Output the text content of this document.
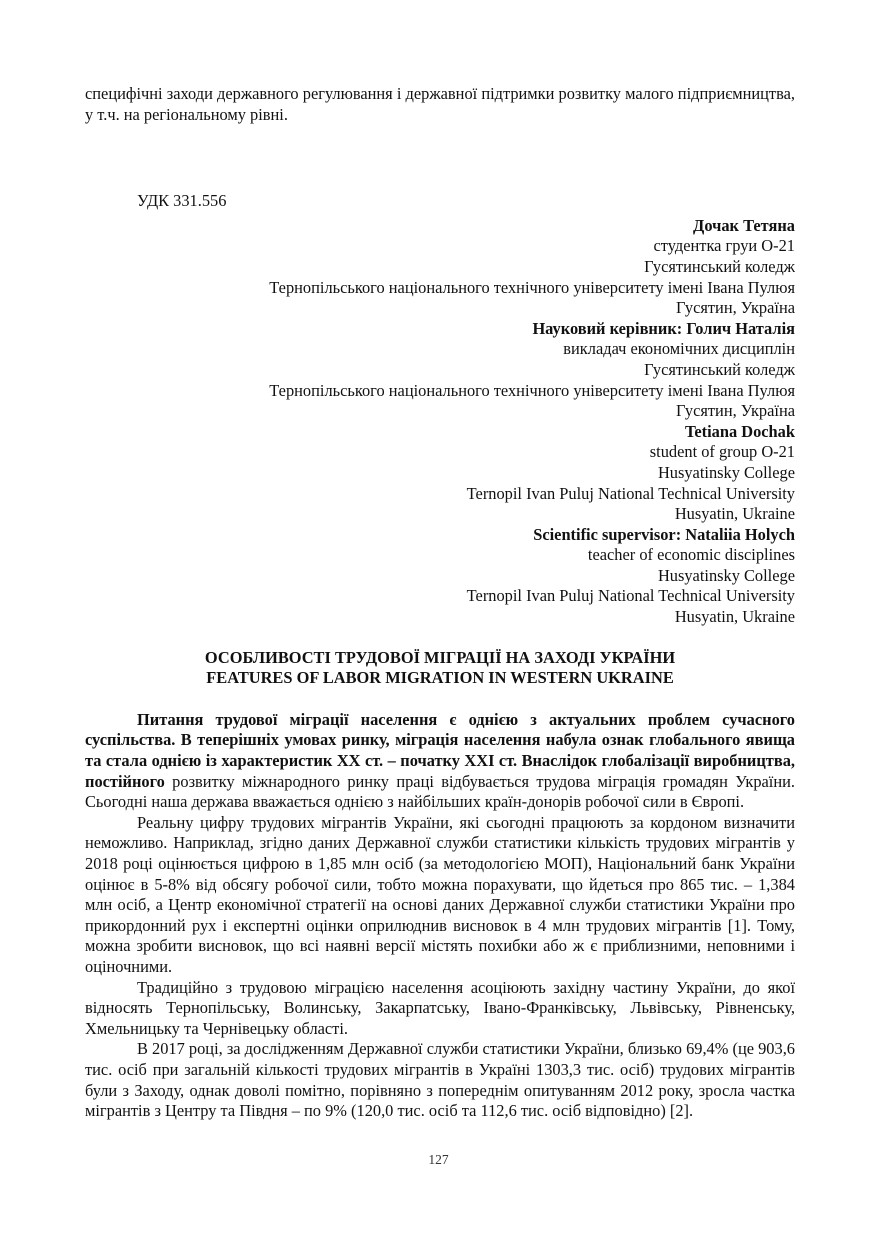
специфічні заходи державного регулювання і державної підтримки розвитку малого підприємництва, у т.ч. на регіональному рівні.
УДК 331.556
Дочак Тетяна
студентка груи О-21
Гусятинський коледж
Тернопільського національного технічного університету імені Івана Пулюя
Гусятин, Україна
Науковий керівник: Голич Наталія
викладач економічних дисциплін
Гусятинський коледж
Тернопільського національного технічного університету імені Івана Пулюя
Гусятин, Україна
Tetiana Dochak
student of group O-21
Husyatinsky College
Ternopil Ivan Puluj National Technical University
Husyatin, Ukraine
Scientific supervisor: Nataliia Holych
teacher of economic disciplines
Husyatinsky College
Ternopil Ivan Puluj National Technical University
Husyatin, Ukraine
ОСОБЛИВОСТІ ТРУДОВОЇ МІГРАЦІЇ НА ЗАХОДІ УКРАЇНИ
FEATURES OF LABOR MIGRATION IN WESTERN UKRAINE

Питання трудової міграції населення є однією з актуальних проблем сучасного суспільства. В теперішніх умовах ринку, міграція населення набула ознак глобального явища та стала однією із характеристик ХХ ст. – початку ХХІ ст. Внаслідок глобалізації виробництва, постійного розвитку міжнародного ринку праці відбувається трудова міграція громадян України. Сьогодні наша держава вважається однією з найбільших країн-донорів робочої сили в Європі.

Реальну цифру трудових мігрантів України, які сьогодні працюють за кордоном визначити неможливо. Наприклад, згідно даних Державної служби статистики кількість трудових мігрантів у 2018 році оцінюється цифрою в 1,85 млн осіб (за методологією МОП), Національний банк України оцінює в 5-8% від обсягу робочої сили, тобто можна порахувати, що йдеться про 865 тис. – 1,384 млн осіб, а Центр економічної стратегії на основі даних Державної служби статистики України про прикордонний рух і експертні оцінки оприлюднив висновок в 4 млн трудових мігрантів [1]. Тому, можна зробити висновок, що всі наявні версії містять похибки або ж є приблизними, неповними і оціночними.

Традиційно з трудовою міграцією населення асоціюють західну частину України, до якої відносять Тернопільську, Волинську, Закарпатську, Івано-Франківську, Львівську, Рівненську, Хмельницьку та Чернівецьку області.

В 2017 році, за дослідженням Державної служби статистики України, близько 69,4% (це 903,6 тис. осіб при загальній кількості трудових мігрантів в Україні 1303,3 тис. осіб) трудових мігрантів були з Заходу, однак доволі помітно, порівняно з попереднім опитуванням 2012 року, зросла частка мігрантів з Центру та Півдня – по 9% (120,0 тис. осіб та 112,6 тис. осіб відповідно) [2].

127
